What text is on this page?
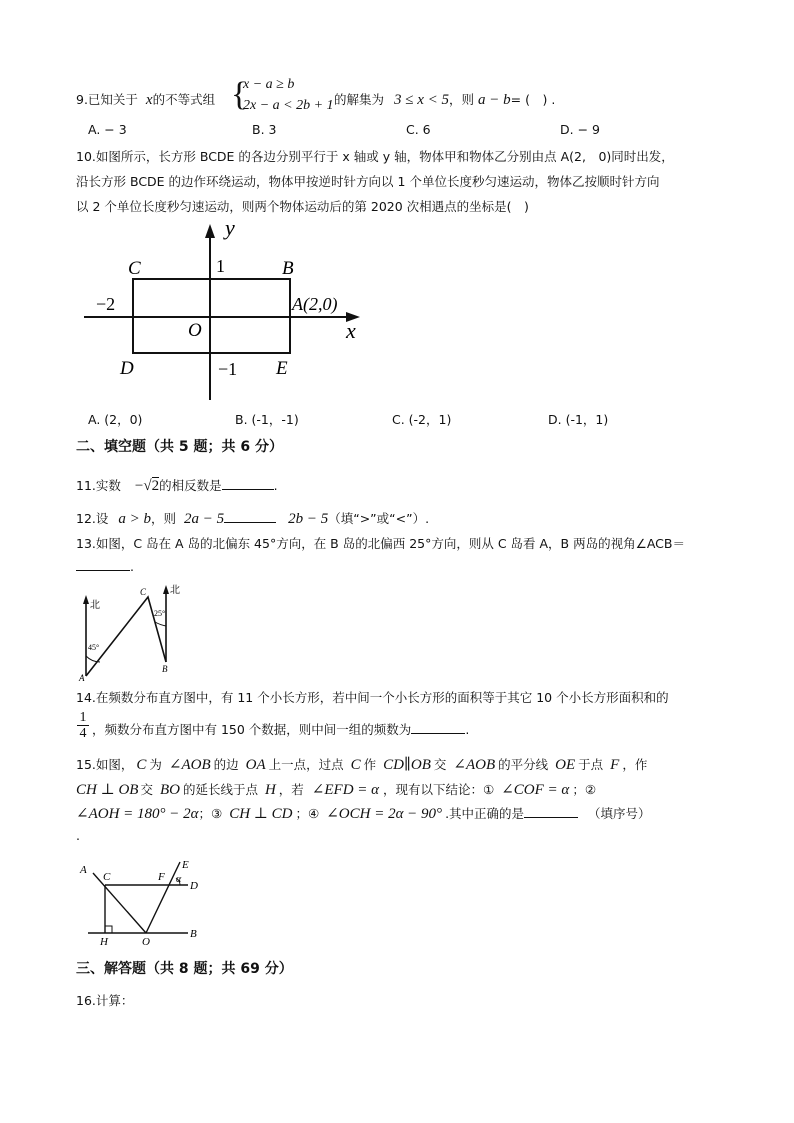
9.已知关于 x的不等式组 {
x − a ≥ b
2x − a < 2b + 1 的解集为 3 ≤ x < 5，则 a − b= (　) .
A. − 3	B. 3	C. 6	D. − 9
10.如图所示，长方形 BCDE 的各边分别平行于 x 轴或 y 轴，物体甲和物体乙分别由点 A(2,　0)同时出发，
沿长方形 BCDE 的边作环绕运动，物体甲按逆时针方向以 1 个单位长度秒匀速运动，物体乙按顺时针方向
以 2 个单位长度秒匀速运动，则两个物体运动后的第 2020 次相遇点的坐标是(　)
y
x
C	B
D	E
O
1
−2
−1
A(2,0)
A. (2，0)	B. (-1，-1)	C. (-2，1)	D. (-1，1)
二、填空题（共 5 题；共 6 分）
11.实数 −√2的相反数是	.
12.设 a > b，则 2a − 5	2b − 5（填“>”或“<”）.
13.如图，C 岛在 A 岛的北偏东 45°方向，在 B 岛的北偏西 25°方向，则从 C 岛看 A，B 两岛的视角∠ACB＝
.
北
北
A
B
C
45°
25°
14.在频数分布直方图中，有 11 个小长方形，若中间一个小长方形的面积等于其它 10 个小长方形面积和的
1
4 ，频数分布直方图中有 150 个数据，则中间一组的频数为	.
15.如图， C 为 ∠AOB 的边 OA 上一点，过点 C 作 CD∥OB 交 ∠AOB 的平分线 OE 于点 F ，作
CH ⊥ OB 交 BO 的延长线于点 H ，若 ∠EFD = α ，现有以下结论：① ∠COF = α ；②
∠AOH = 180° − 2α；③ CH ⊥ CD ；④ ∠OCH = 2α − 90° .其中正确的是	（填序号）
.
A
C	F
E
α
D
H	O
B
三、解答题（共 8 题；共 69 分）
16.计算：
